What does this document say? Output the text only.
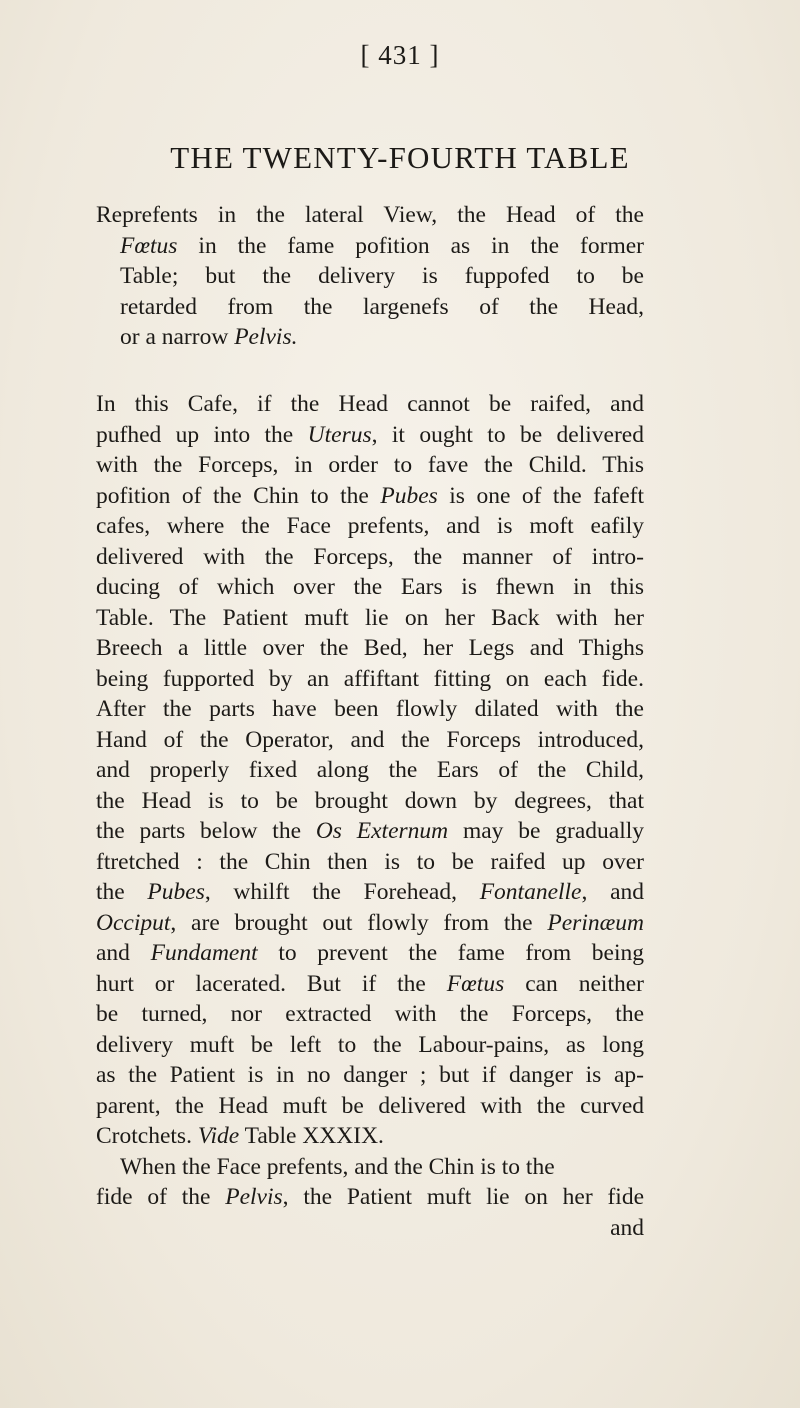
[ 431 ]
THE TWENTY-FOURTH TABLE
Reprefents in the lateral View, the Head of the
Fœtus in the fame pofition as in the former
Table; but the delivery is fuppofed to be
retarded from the largenefs of the Head,
or a narrow Pelvis.
In this Cafe, if the Head cannot be raifed, and
pufhed up into the Uterus, it ought to be delivered
with the Forceps, in order to fave the Child. This
pofition of the Chin to the Pubes is one of the fafeft
cafes, where the Face prefents, and is moft eafily
delivered with the Forceps, the manner of intro-
ducing of which over the Ears is fhewn in this
Table. The Patient muft lie on her Back with her
Breech a little over the Bed, her Legs and Thighs
being fupported by an affiftant fitting on each fide.
After the parts have been flowly dilated with the
Hand of the Operator, and the Forceps introduced,
and properly fixed along the Ears of the Child,
the Head is to be brought down by degrees, that
the parts below the Os Externum may be gradually
ftretched : the Chin then is to be raifed up over
the Pubes, whilft the Forehead, Fontanelle, and
Occiput, are brought out flowly from the Perinæum
and Fundament to prevent the fame from being
hurt or lacerated. But if the Fœtus can neither
be turned, nor extracted with the Forceps, the
delivery muft be left to the Labour-pains, as long
as the Patient is in no danger ; but if danger is ap-
parent, the Head muft be delivered with the curved
Crotchets. Vide Table XXXIX.
When the Face prefents, and the Chin is to the
fide of the Pelvis, the Patient muft lie on her fide
and
